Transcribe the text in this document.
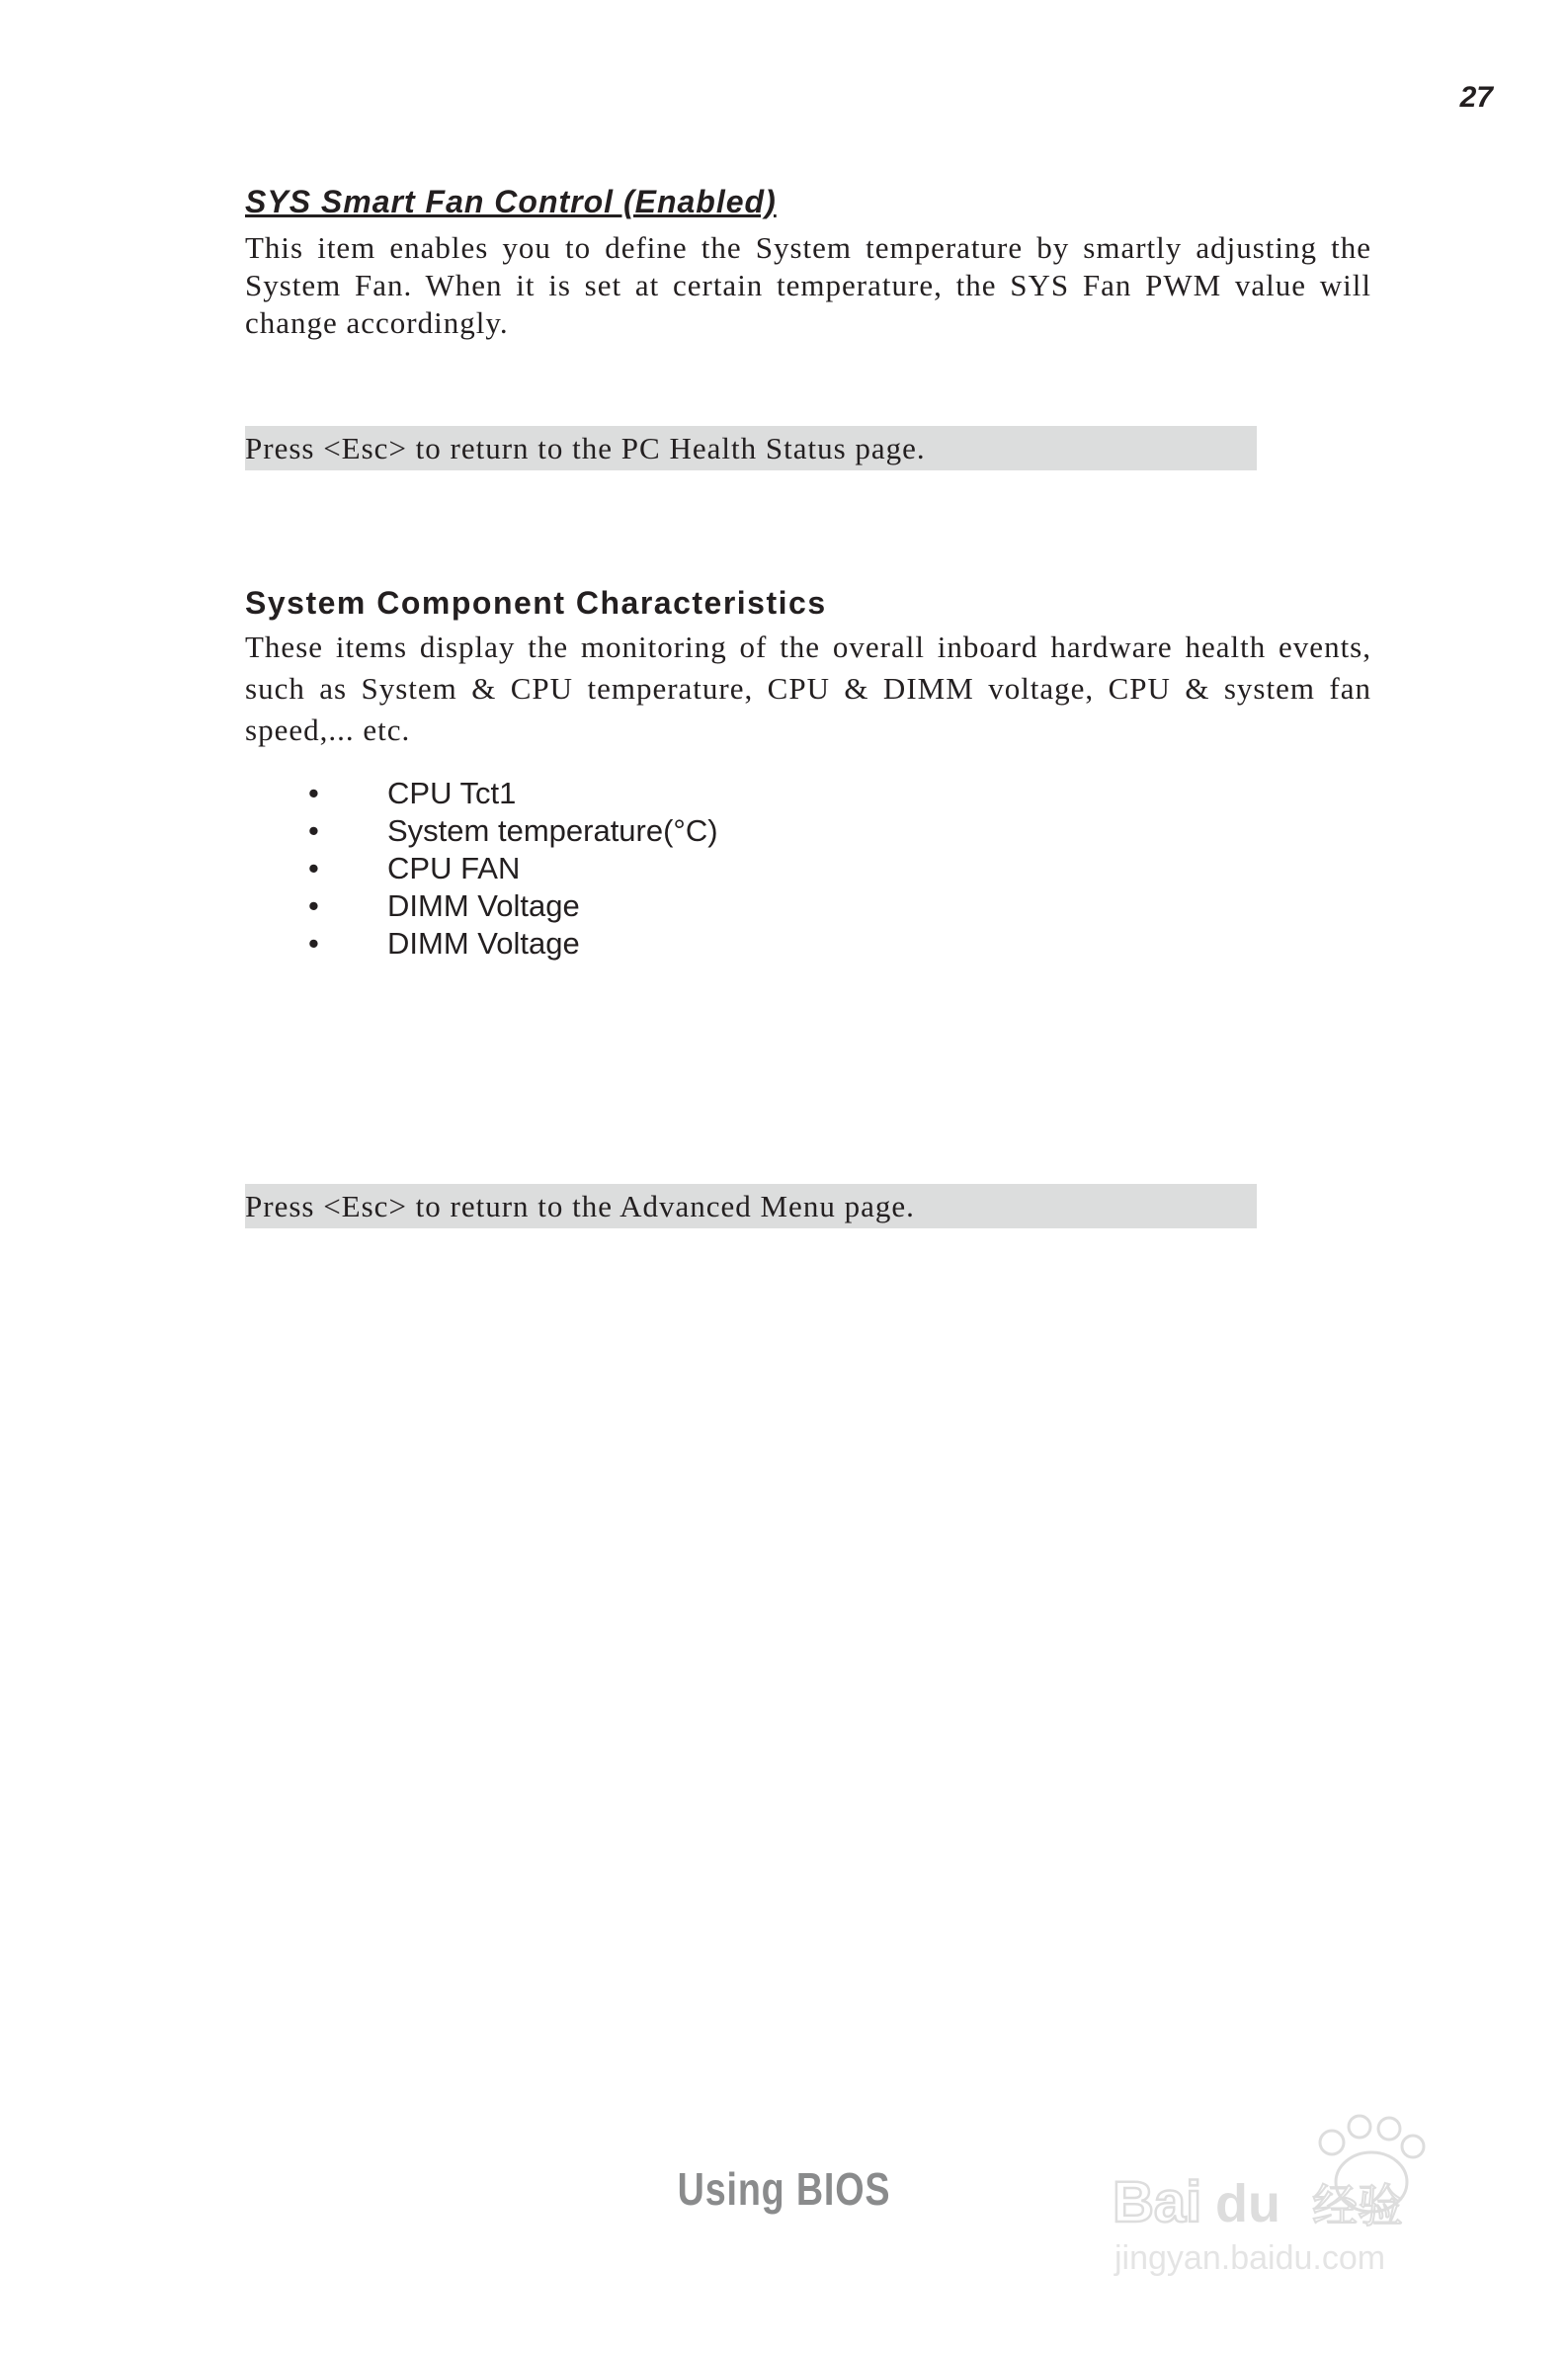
27
SYS Smart Fan Control (Enabled)
This item enables you to define the System temperature by smartly adjusting the System Fan. When it is set at certain temperature, the SYS Fan PWM value will change accordingly.
Press <Esc> to return to the PC Health Status page.
System Component Characteristics
These items display the monitoring of the overall inboard hardware health events, such as System & CPU temperature, CPU & DIMM voltage, CPU & system fan speed,... etc.
•	CPU Tct1
•	System temperature(°C)
•	CPU FAN
•	DIMM Voltage
•	DIMM Voltage
Press <Esc> to return to the Advanced Menu page.
Using BIOS	Bai du 经验
jingyan.baidu.com
